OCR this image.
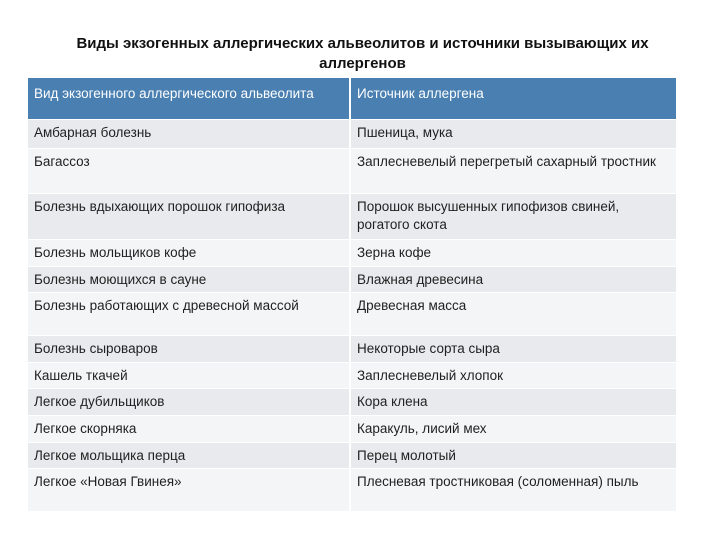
Виды экзогенных аллергических альвеолитов и источники вызывающих их аллергенов
Вид экзогенного аллергического альвеолита	Источник аллергена
Амбарная болезнь	Пшеница, мука
Багассоз	Заплесневелый перегретый сахарный тростник
Болезнь вдыхающих порошок гипофиза	Порошок высушенных гипофизов свиней, рогатого скота
Болезнь мольщиков кофе	Зерна кофе
Болезнь моющихся в сауне	Влажная древесина
Болезнь работающих с древесной массой	Древесная масса
Болезнь сыроваров	Некоторые сорта сыра
Кашель ткачей	Заплесневелый хлопок
Легкое дубильщиков	Кора клена
Легкое скорняка	Каракуль, лисий мех
Легкое мольщика перца	Перец молотый
Легкое «Новая Гвинея»	Плесневая тростниковая (соломенная) пыль
